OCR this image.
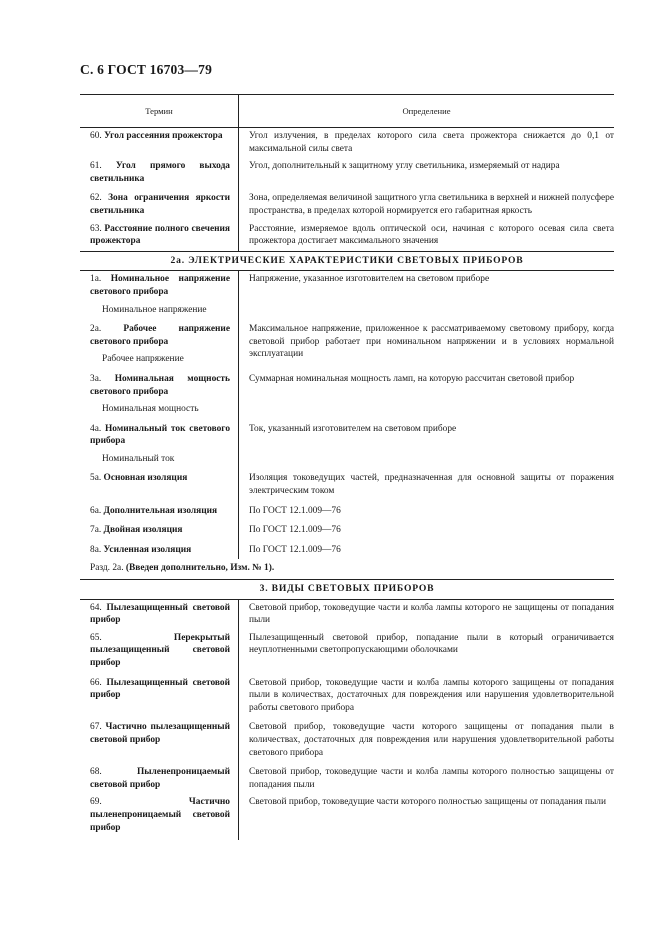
С. 6 ГОСТ 16703—79
Термин	Определение
60. Угол рассеяния прожектора	Угол излучения, в пределах которого сила света прожектора снижается до 0,1 от максимальной силы света
61. Угол прямого выхода светильника	Угол, дополнительный к защитному углу светильника, измеряемый от надира
62. Зона ограничения яркости светильника	Зона, определяемая величиной защитного угла светильника в верхней и нижней полусфере пространства, в пределах которой нормируется его габаритная яркость
63. Расстояние полного свечения прожектора	Расстояние, измеряемое вдоль оптической оси, начиная с которого осевая сила света прожектора достигает максимального значения
2а. ЭЛЕКТРИЧЕСКИЕ ХАРАКТЕРИСТИКИ СВЕТОВЫХ ПРИБОРОВ	
1а. Номинальное напряжение светового прибора
Номинальное напряжение	Напряжение, указанное изготовителем на световом приборе
2а. Рабочее напряжение светового прибора
Рабочее напряжение	Максимальное напряжение, приложенное к рассматриваемому световому прибору, когда световой прибор работает при номинальном напряжении и в условиях нормальной эксплуатации
3а. Номинальная мощность светового прибора
Номинальная мощность	Суммарная номинальная мощность ламп, на которую рассчитан световой прибор
4а. Номинальный ток светового прибора
Номинальный ток	Ток, указанный изготовителем на световом приборе
5а. Основная изоляция	Изоляция токоведущих частей, предназначенная для основной защиты от поражения электрическим током
6а. Дополнительная изоляция	По ГОСТ 12.1.009—76
7а. Двойная изоляция	По ГОСТ 12.1.009—76
8а. Усиленная изоляция	По ГОСТ 12.1.009—76
Разд. 2а. (Введен дополнительно, Изм. № 1).	
3. ВИДЫ СВЕТОВЫХ ПРИБОРОВ	
64. Пылезащищенный световой прибор	Световой прибор, токоведущие части и колба лампы которого не защищены от попадания пыли
65. Перекрытый пылезащищенный световой прибор	Пылезащищенный световой прибор, попадание пыли в который ограничивается неуплотненными светопропускающими оболочками
66. Пылезащищенный световой прибор	Световой прибор, токоведущие части и колба лампы которого защищены от попадания пыли в количествах, достаточных для повреждения или нарушения удовлетворительной работы светового прибора
67. Частично пылезащищенный световой прибор	Световой прибор, токоведущие части которого защищены от попадания пыли в количествах, достаточных для повреждения или нарушения удовлетворительной работы светового прибора
68. Пыленепроницаемый световой прибор	Световой прибор, токоведущие части и колба лампы которого полностью защищены от попадания пыли
69. Частично пыленепроницаемый световой прибор	Световой прибор, токоведущие части которого полностью защищены от попадания пыли
